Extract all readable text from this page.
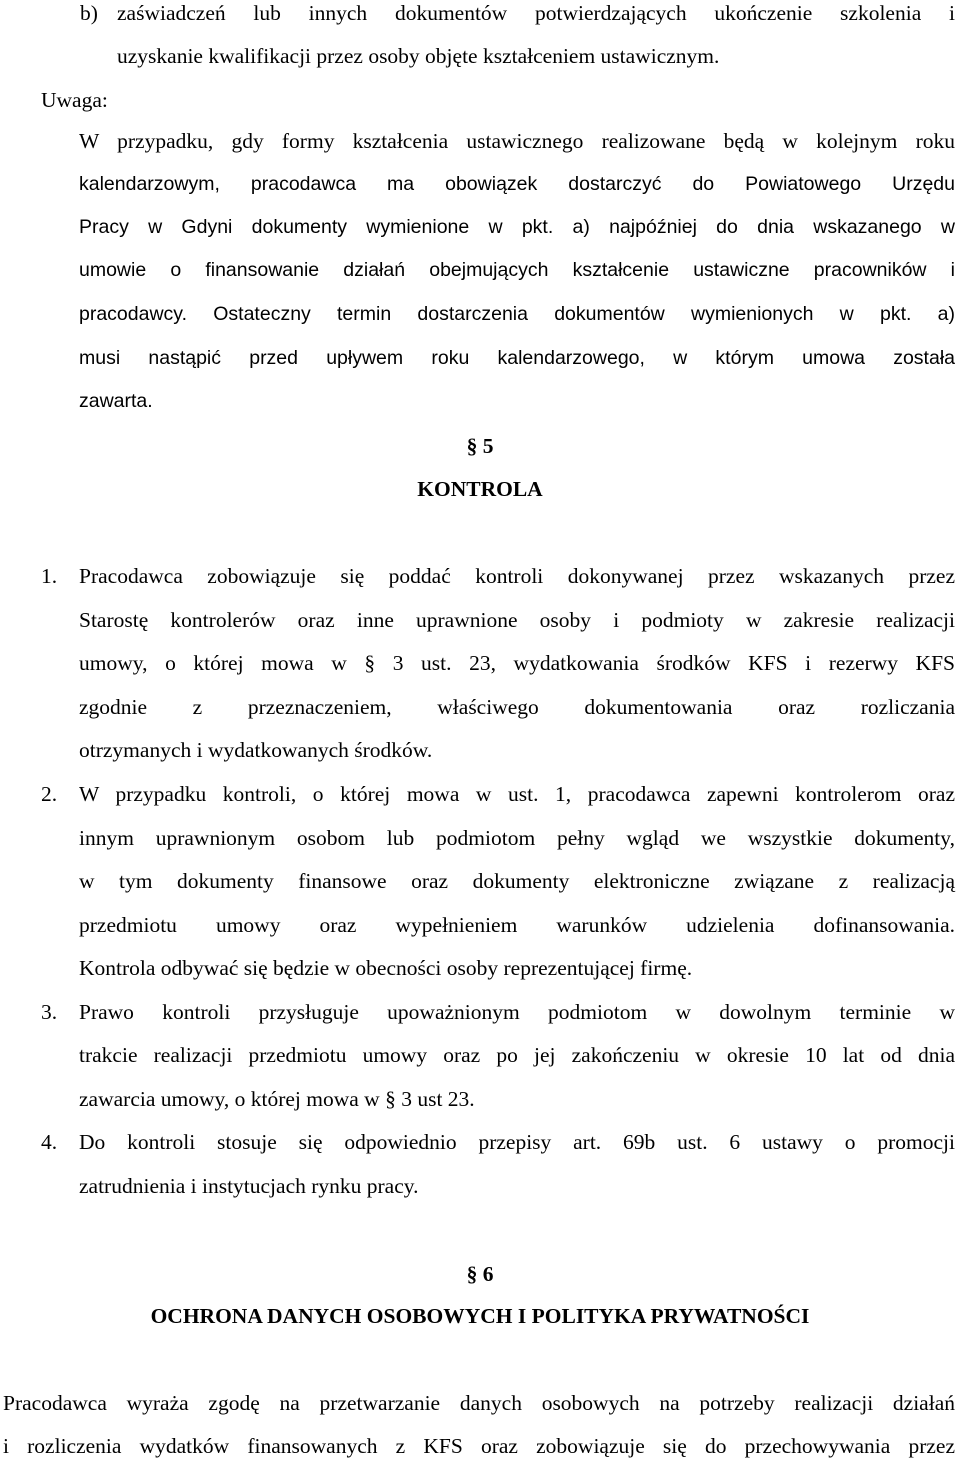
b) zaświadczeń lub innych dokumentów potwierdzających ukończenie szkolenia i
uzyskanie kwalifikacji przez osoby objęte kształceniem ustawicznym.
Uwaga:
W przypadku, gdy formy kształcenia ustawicznego realizowane będą w kolejnym roku
kalendarzowym, pracodawca ma obowiązek dostarczyć do Powiatowego Urzędu
Pracy w Gdyni dokumenty wymienione w pkt. a) najpóźniej do dnia wskazanego w
umowie o finansowanie działań obejmujących kształcenie ustawiczne pracowników i
pracodawcy. Ostateczny termin dostarczenia dokumentów wymienionych w pkt. a)
musi nastąpić przed upływem roku kalendarzowego, w którym umowa została
zawarta.
§ 5
KONTROLA
1. Pracodawca zobowiązuje się poddać kontroli dokonywanej przez wskazanych przez
Starostę kontrolerów oraz inne uprawnione osoby i podmioty w zakresie realizacji
umowy, o której mowa w § 3 ust. 23, wydatkowania środków KFS i rezerwy KFS
zgodnie z przeznaczeniem, właściwego dokumentowania oraz rozliczania
otrzymanych i wydatkowanych środków.
2. W przypadku kontroli, o której mowa w ust. 1, pracodawca zapewni kontrolerom oraz
innym uprawnionym osobom lub podmiotom pełny wgląd we wszystkie dokumenty,
w tym dokumenty finansowe oraz dokumenty elektroniczne związane z realizacją
przedmiotu umowy oraz wypełnieniem warunków udzielenia dofinansowania.
Kontrola odbywać się będzie w obecności osoby reprezentującej firmę.
3. Prawo kontroli przysługuje upoważnionym podmiotom w dowolnym terminie w
trakcie realizacji przedmiotu umowy oraz po jej zakończeniu w okresie 10 lat od dnia
zawarcia umowy, o której mowa w § 3 ust 23.
4. Do kontroli stosuje się odpowiednio przepisy art. 69b ust. 6 ustawy o promocji
zatrudnienia i instytucjach rynku pracy.
§ 6
OCHRONA DANYCH OSOBOWYCH I POLITYKA PRYWATNOŚCI
Pracodawca wyraża zgodę na przetwarzanie danych osobowych na potrzeby realizacji działań
i rozliczenia wydatków finansowanych z KFS oraz zobowiązuje się do przechowywania przez
